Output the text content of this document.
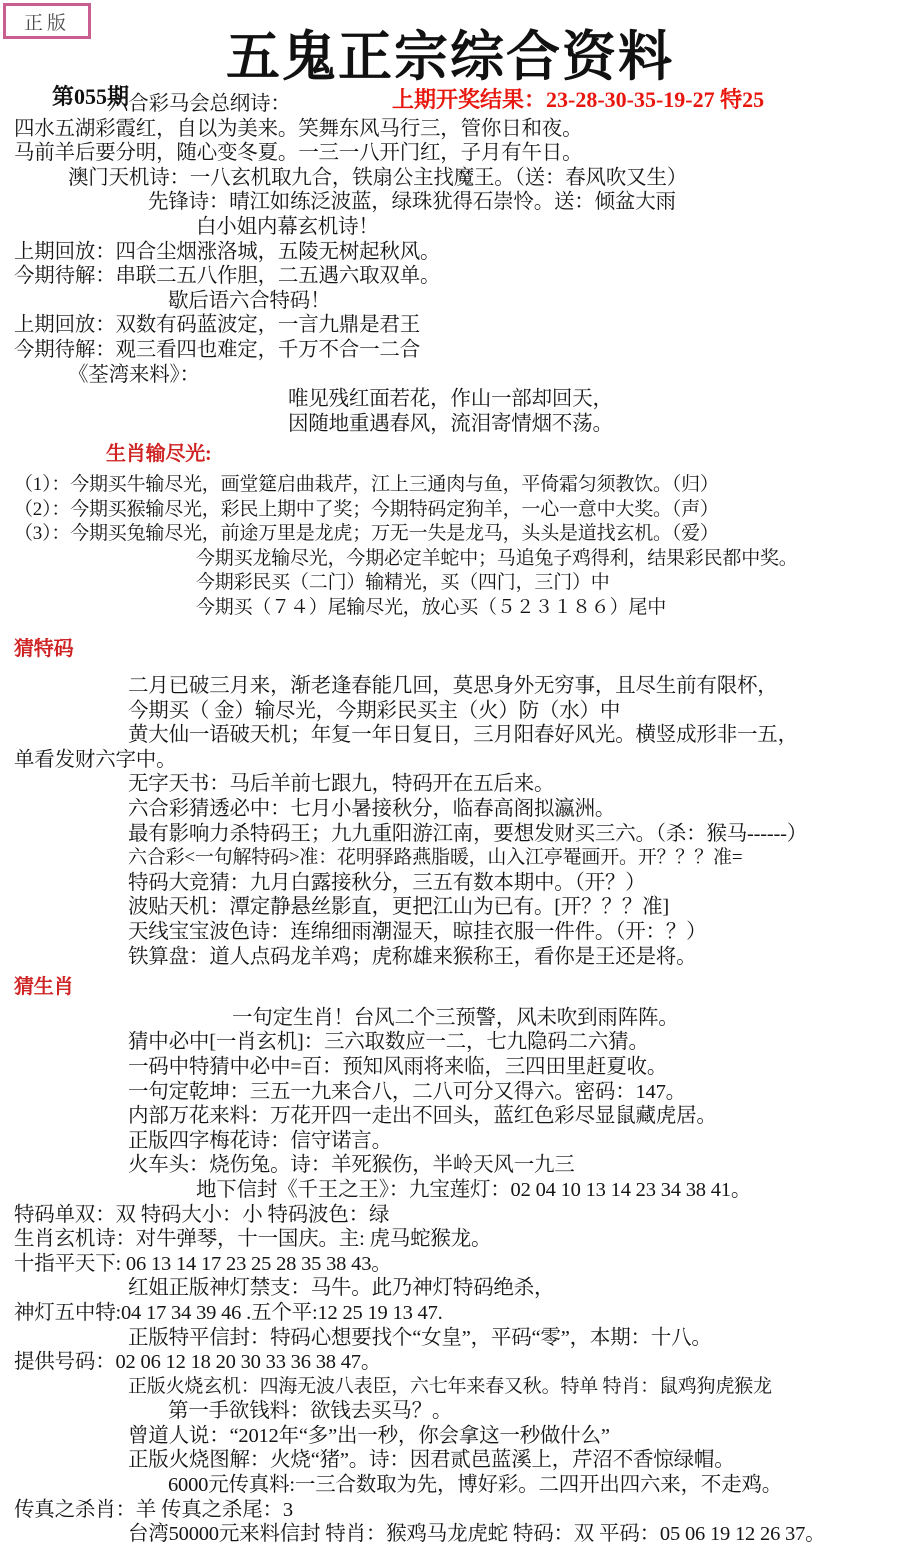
正版
五鬼正宗综合资料
第055期	上期开奖结果：23-28-30-35-19-27 特25
六合彩马会总纲诗：
四水五湖彩霞红，自以为美来。笑舞东风马行三，管你日和夜。
马前羊后要分明，随心变冬夏。一三一八开门红，子月有午日。
澳门天机诗：一八玄机取九合，铁扇公主找魔王。（送：春风吹又生）
先锋诗：晴江如练泛波蓝，绿珠犹得石崇怜。送：倾盆大雨
白小姐内幕玄机诗！
上期回放：四合尘烟涨洛城，五陵无树起秋风。
今期待解：串联二五八作胆，二五遇六取双单。
歇后语六合特码！
上期回放：双数有码蓝波定，一言九鼎是君王
今期待解：观三看四也难定，千万不合一二合
《荃湾来料》：
唯见残红面若花，作山一部却回天，
因随地重遇春风，流泪寄情烟不荡。
生肖输尽光:
（1）：今期买牛输尽光，画堂筵启曲栽芹，江上三通肉与鱼，平倚霜匀须教饮。（归）
（2）：今期买猴输尽光，彩民上期中了奖；今期特码定狗羊，一心一意中大奖。（声）
（3）：今期买兔输尽光，前途万里是龙虎；万无一失是龙马，头头是道找玄机。（爱）
今期买龙输尽光，今期必定羊蛇中；马追兔子鸡得利，结果彩民都中奖。
今期彩民买（二门）输精光，买（四门，三门）中
今期买（７４）尾输尽光，放心买（５２３１８６）尾中
猜特码
二月已破三月来，渐老逢春能几回，莫思身外无穷事，且尽生前有限杯，
今期买（ 金）输尽光，今期彩民买主（火）防（水）中
黄大仙一语破天机；年复一年日复日，三月阳春好风光。横竖成形非一五，
单看发财六字中。
无字天书：马后羊前七跟九，特码开在五后来。
六合彩猜透必中：七月小暑接秋分，临春高阁拟瀛洲。
最有影响力杀特码王；九九重阳游江南，要想发财买三六。（杀：猴马------）
六合彩<一句解特码>准：花明驿路燕脂暖，山入江亭罨画开。开？？？准=
特码大竞猜：九月白露接秋分，三五有数本期中。（开？）
波贴天机：潭定静悬丝影直，更把江山为已有。[开？？？准]
天线宝宝波色诗：连绵细雨潮湿天，晾挂衣服一件件。（开：？）
铁算盘：道人点码龙羊鸡；虎称雄来猴称王，看你是王还是将。
猜生肖
一句定生肖！台风二个三预警，风未吹到雨阵阵。
猜中必中[一肖玄机]：三六取数应一二，七九隐码二六猜。
一码中特猜中必中=百：预知风雨将来临，三四田里赶夏收。
一句定乾坤：三五一九来合八，二八可分又得六。密码：147。
内部万花来料：万花开四一走出不回头，蓝红色彩尽显鼠藏虎居。
正版四字梅花诗：信守诺言。
火车头：烧伤兔。诗：羊死猴伤，半岭天风一九三
地下信封《千王之王》：九宝莲灯：02 04 10 13 14 23 34 38 41。
特码单双：双 特码大小：小 特码波色：绿
生肖玄机诗：对牛弹琴，十一国庆。主: 虎马蛇猴龙。
十指平天下: 06 13 14 17 23 25 28 35 38 43。
红姐正版神灯禁支：马牛。此乃神灯特码绝杀，
神灯五中特:04 17 34 39 46 .五个平:12 25 19 13 47.
正版特平信封：特码心想要找个“女皇”，平码“零”，本期：十八。
提供号码：02 06 12 18 20 30 33 36 38 47。
正版火烧玄机：四海无波八表臣，六七年来春又秋。特单 特肖：鼠鸡狗虎猴龙
第一手欲钱料：欲钱去买马？。
曾道人说：“2012年“多”出一秒，你会拿这一秒做什么”
正版火烧图解：火烧“猪”。诗：因君贰邑蓝溪上，芹沼不香惊绿帽。
6000元传真料:一三合数取为先，博好彩。二四开出四六来，不走鸡。
传真之杀肖：羊 传真之杀尾：3
台湾50000元来料信封 特肖：猴鸡马龙虎蛇 特码：双 平码：05 06 19 12 26 37。
